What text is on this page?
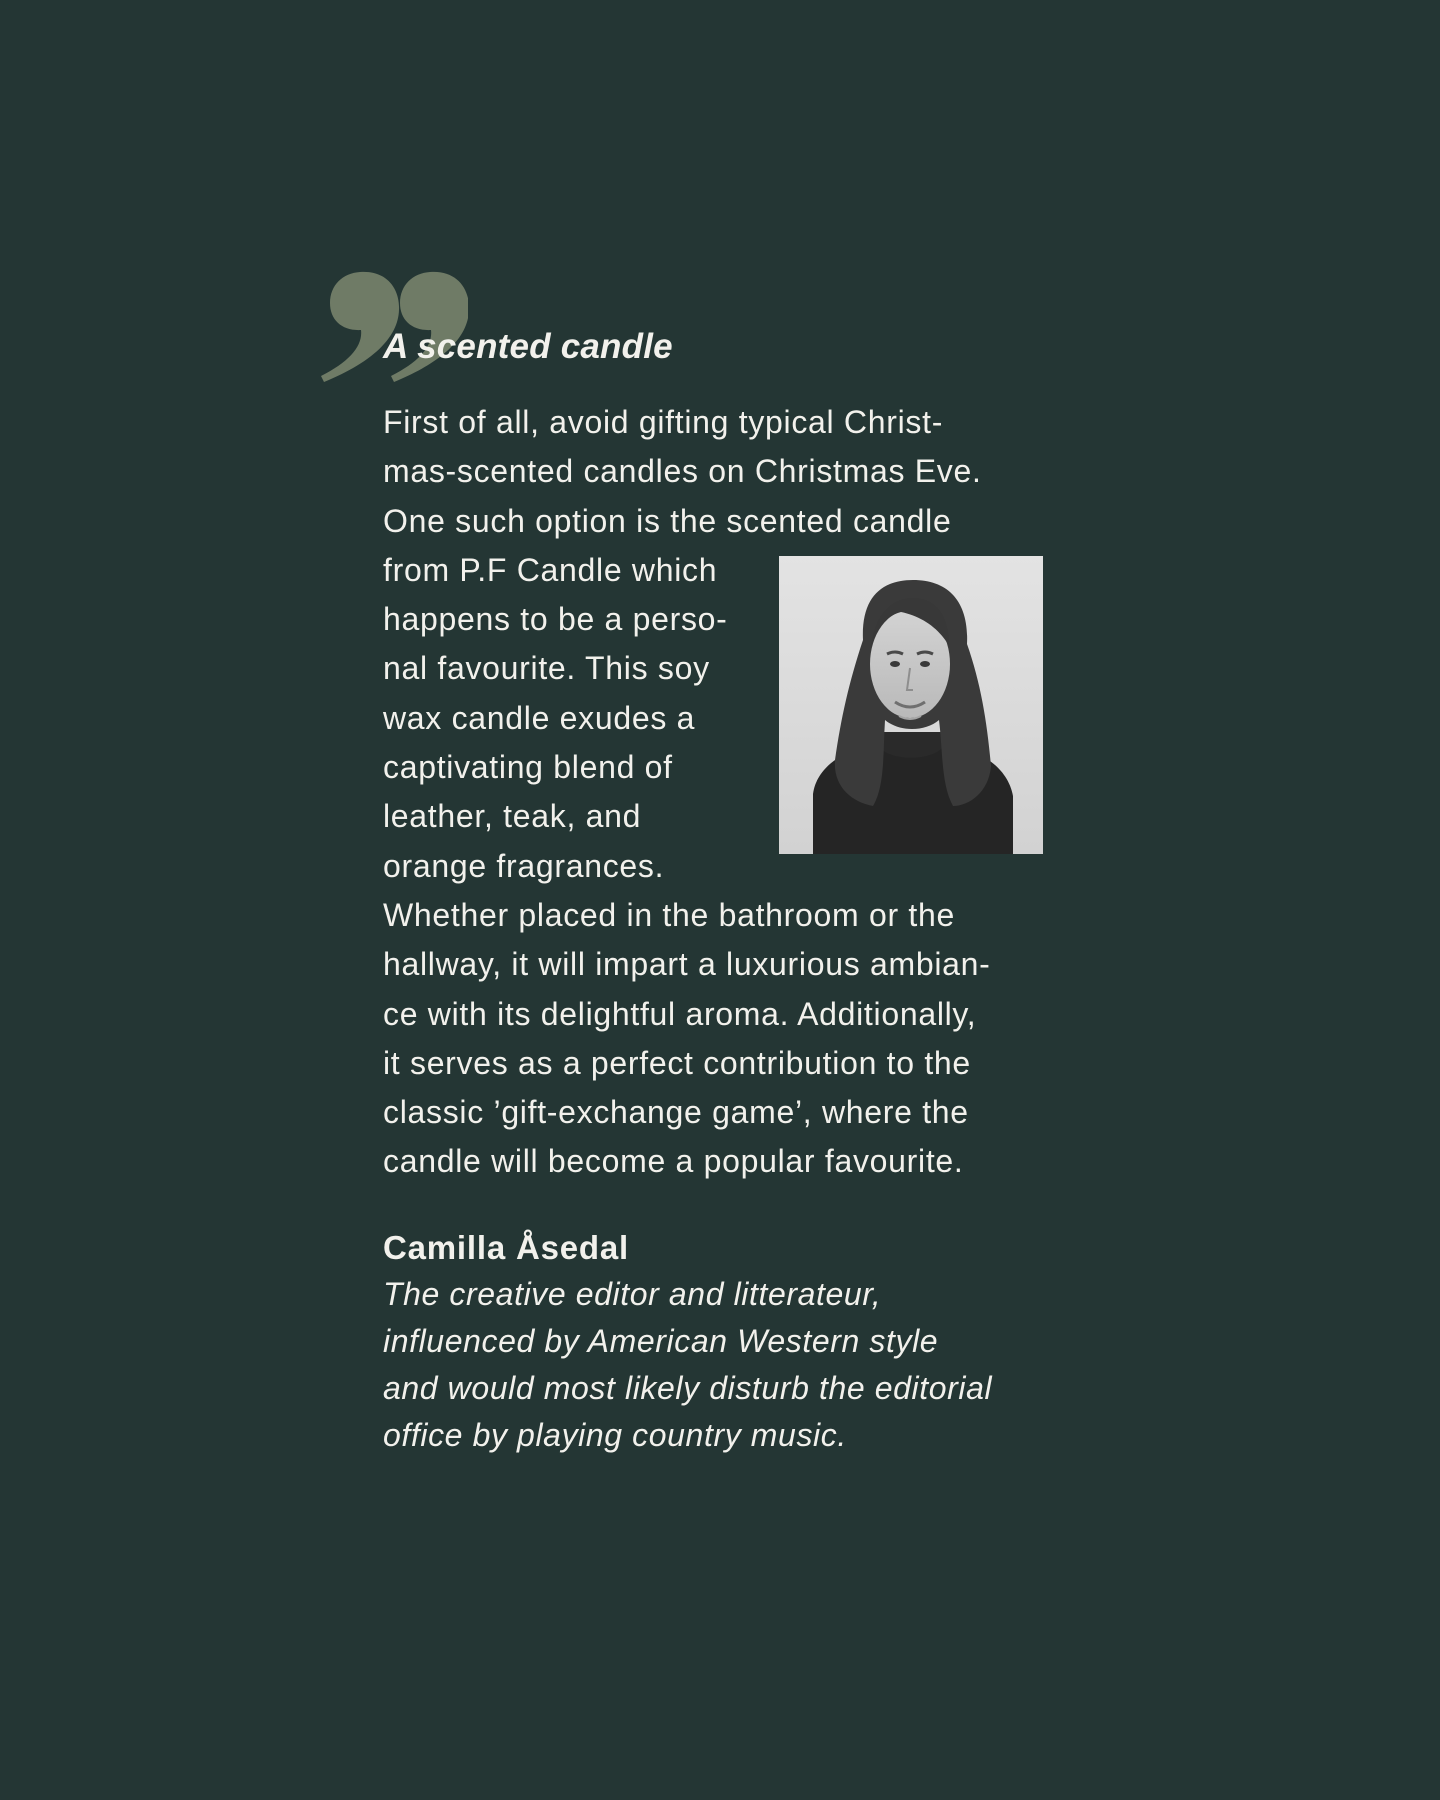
A scented candle
First of all, avoid gifting typical Christ-
mas-scented candles on Christmas Eve.
One such option is the scented candle
from P.F Candle which
happens to be a perso-
nal favourite. This soy
wax candle exudes a
captivating blend of
leather, teak, and
orange fragrances.
Whether placed in the bathroom or the
hallway, it will impart a luxurious ambian-
ce with its delightful aroma. Additionally,
it serves as a perfect contribution to the
classic ’gift-exchange game’, where the
candle will become a popular favourite.
Camilla Åsedal
The creative editor and litterateur,
influenced by American Western style
and would most likely disturb the editorial
office by playing country music.
